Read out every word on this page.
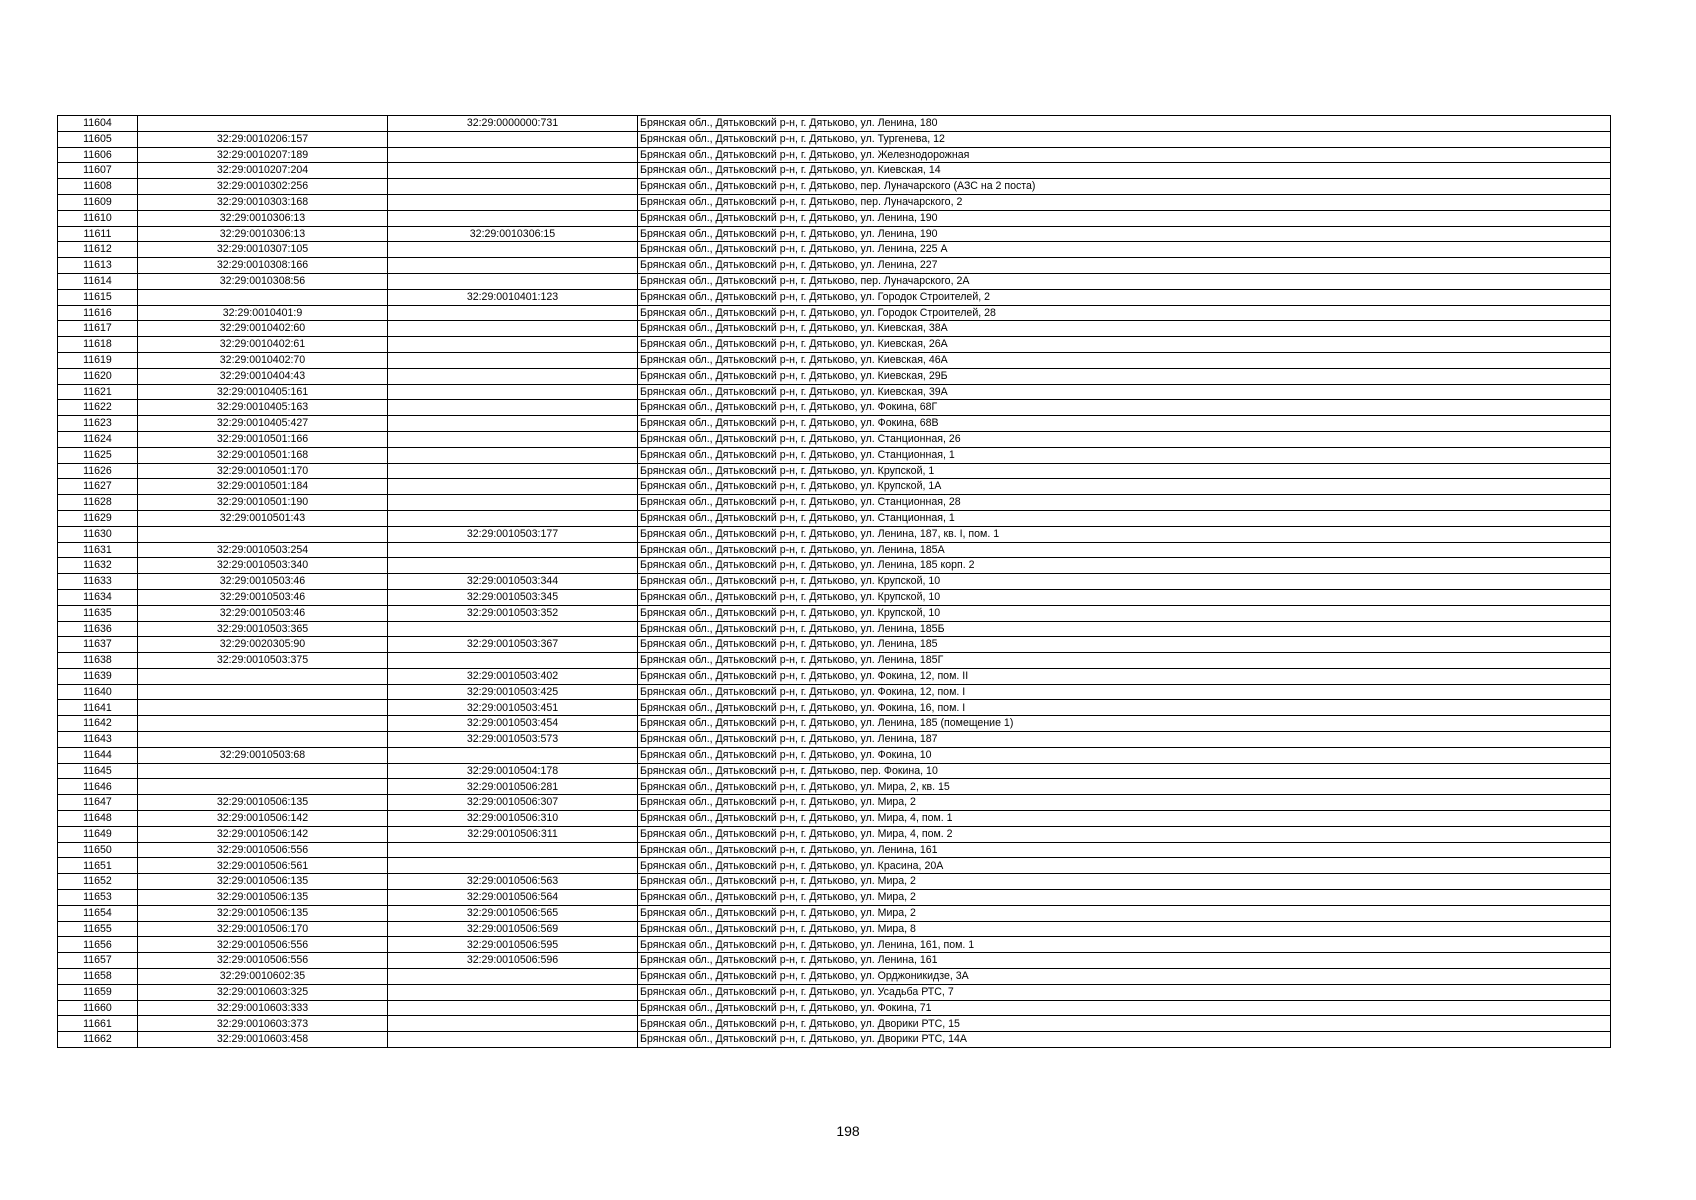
11604		32:29:0000000:731	Брянская обл., Дятьковский р-н, г. Дятьково, ул. Ленина, 180
11605	32:29:0010206:157		Брянская обл., Дятьковский р-н, г. Дятьково, ул. Тургенева, 12
11606	32:29:0010207:189		Брянская обл., Дятьковский р-н, г. Дятьково, ул. Железнодорожная
11607	32:29:0010207:204		Брянская обл., Дятьковский р-н, г. Дятьково, ул. Киевская, 14
11608	32:29:0010302:256		Брянская обл., Дятьковский р-н, г. Дятьково, пер. Луначарского (АЗС на 2 поста)
11609	32:29:0010303:168		Брянская обл., Дятьковский р-н, г. Дятьково, пер. Луначарского, 2
11610	32:29:0010306:13		Брянская обл., Дятьковский р-н, г. Дятьково, ул. Ленина, 190
11611	32:29:0010306:13	32:29:0010306:15	Брянская обл., Дятьковский р-н, г. Дятьково, ул. Ленина, 190
11612	32:29:0010307:105		Брянская обл., Дятьковский р-н, г. Дятьково, ул. Ленина, 225 А
11613	32:29:0010308:166		Брянская обл., Дятьковский р-н, г. Дятьково, ул. Ленина, 227
11614	32:29:0010308:56		Брянская обл., Дятьковский р-н, г. Дятьково, пер. Луначарского, 2А
11615		32:29:0010401:123	Брянская обл., Дятьковский р-н, г. Дятьково, ул. Городок Строителей, 2
11616	32:29:0010401:9		Брянская обл., Дятьковский р-н, г. Дятьково, ул. Городок Строителей, 28
11617	32:29:0010402:60		Брянская обл., Дятьковский р-н, г. Дятьково, ул. Киевская, 38А
11618	32:29:0010402:61		Брянская обл., Дятьковский р-н, г. Дятьково, ул. Киевская, 26А
11619	32:29:0010402:70		Брянская обл., Дятьковский р-н, г. Дятьково, ул. Киевская, 46А
11620	32:29:0010404:43		Брянская обл., Дятьковский р-н, г. Дятьково, ул. Киевская, 29Б
11621	32:29:0010405:161		Брянская обл., Дятьковский р-н, г. Дятьково, ул. Киевская, 39А
11622	32:29:0010405:163		Брянская обл., Дятьковский р-н, г. Дятьково, ул. Фокина, 68Г
11623	32:29:0010405:427		Брянская обл., Дятьковский р-н, г. Дятьково, ул. Фокина, 68В
11624	32:29:0010501:166		Брянская обл., Дятьковский р-н, г. Дятьково, ул. Станционная, 26
11625	32:29:0010501:168		Брянская обл., Дятьковский р-н, г. Дятьково, ул. Станционная, 1
11626	32:29:0010501:170		Брянская обл., Дятьковский р-н, г. Дятьково, ул. Крупской, 1
11627	32:29:0010501:184		Брянская обл., Дятьковский р-н, г. Дятьково, ул. Крупской, 1А
11628	32:29:0010501:190		Брянская обл., Дятьковский р-н, г. Дятьково, ул. Станционная, 28
11629	32:29:0010501:43		Брянская обл., Дятьковский р-н, г. Дятьково, ул. Станционная, 1
11630		32:29:0010503:177	Брянская обл., Дятьковский р-н, г. Дятьково, ул. Ленина, 187, кв. I, пом. 1
11631	32:29:0010503:254		Брянская обл., Дятьковский р-н, г. Дятьково, ул. Ленина, 185А
11632	32:29:0010503:340		Брянская обл., Дятьковский р-н, г. Дятьково, ул. Ленина, 185 корп. 2
11633	32:29:0010503:46	32:29:0010503:344	Брянская обл., Дятьковский р-н, г. Дятьково, ул. Крупской, 10
11634	32:29:0010503:46	32:29:0010503:345	Брянская обл., Дятьковский р-н, г. Дятьково, ул. Крупской, 10
11635	32:29:0010503:46	32:29:0010503:352	Брянская обл., Дятьковский р-н, г. Дятьково, ул. Крупской, 10
11636	32:29:0010503:365		Брянская обл., Дятьковский р-н, г. Дятьково, ул. Ленина, 185Б
11637	32:29:0020305:90	32:29:0010503:367	Брянская обл., Дятьковский р-н, г. Дятьково, ул. Ленина, 185
11638	32:29:0010503:375		Брянская обл., Дятьковский р-н, г. Дятьково, ул. Ленина, 185Г
11639		32:29:0010503:402	Брянская обл., Дятьковский р-н, г. Дятьково, ул. Фокина, 12, пом. II
11640		32:29:0010503:425	Брянская обл., Дятьковский р-н, г. Дятьково, ул. Фокина, 12, пом. I
11641		32:29:0010503:451	Брянская обл., Дятьковский р-н, г. Дятьково, ул. Фокина, 16, пом. I
11642		32:29:0010503:454	Брянская обл., Дятьковский р-н, г. Дятьково, ул. Ленина, 185 (помещение 1)
11643		32:29:0010503:573	Брянская обл., Дятьковский р-н, г. Дятьково, ул. Ленина, 187
11644	32:29:0010503:68		Брянская обл., Дятьковский р-н, г. Дятьково, ул. Фокина, 10
11645		32:29:0010504:178	Брянская обл., Дятьковский р-н, г. Дятьково, пер. Фокина, 10
11646		32:29:0010506:281	Брянская обл., Дятьковский р-н, г. Дятьково, ул. Мира, 2, кв. 15
11647	32:29:0010506:135	32:29:0010506:307	Брянская обл., Дятьковский р-н, г. Дятьково, ул. Мира, 2
11648	32:29:0010506:142	32:29:0010506:310	Брянская обл., Дятьковский р-н, г. Дятьково, ул. Мира, 4, пом. 1
11649	32:29:0010506:142	32:29:0010506:311	Брянская обл., Дятьковский р-н, г. Дятьково, ул. Мира, 4, пом. 2
11650	32:29:0010506:556		Брянская обл., Дятьковский р-н, г. Дятьково, ул. Ленина, 161
11651	32:29:0010506:561		Брянская обл., Дятьковский р-н, г. Дятьково, ул. Красина, 20А
11652	32:29:0010506:135	32:29:0010506:563	Брянская обл., Дятьковский р-н, г. Дятьково, ул. Мира, 2
11653	32:29:0010506:135	32:29:0010506:564	Брянская обл., Дятьковский р-н, г. Дятьково, ул. Мира, 2
11654	32:29:0010506:135	32:29:0010506:565	Брянская обл., Дятьковский р-н, г. Дятьково, ул. Мира, 2
11655	32:29:0010506:170	32:29:0010506:569	Брянская обл., Дятьковский р-н, г. Дятьково, ул. Мира, 8
11656	32:29:0010506:556	32:29:0010506:595	Брянская обл., Дятьковский р-н, г. Дятьково, ул. Ленина, 161, пом. 1
11657	32:29:0010506:556	32:29:0010506:596	Брянская обл., Дятьковский р-н, г. Дятьково, ул. Ленина, 161
11658	32:29:0010602:35		Брянская обл., Дятьковский р-н, г. Дятьково, ул. Орджоникидзе, 3А
11659	32:29:0010603:325		Брянская обл., Дятьковский р-н, г. Дятьково, ул. Усадьба РТС, 7
11660	32:29:0010603:333		Брянская обл., Дятьковский р-н, г. Дятьково, ул. Фокина, 71
11661	32:29:0010603:373		Брянская обл., Дятьковский р-н, г. Дятьково, ул. Дворики РТС, 15
11662	32:29:0010603:458		Брянская обл., Дятьковский р-н, г. Дятьково, ул. Дворики РТС, 14А
198
